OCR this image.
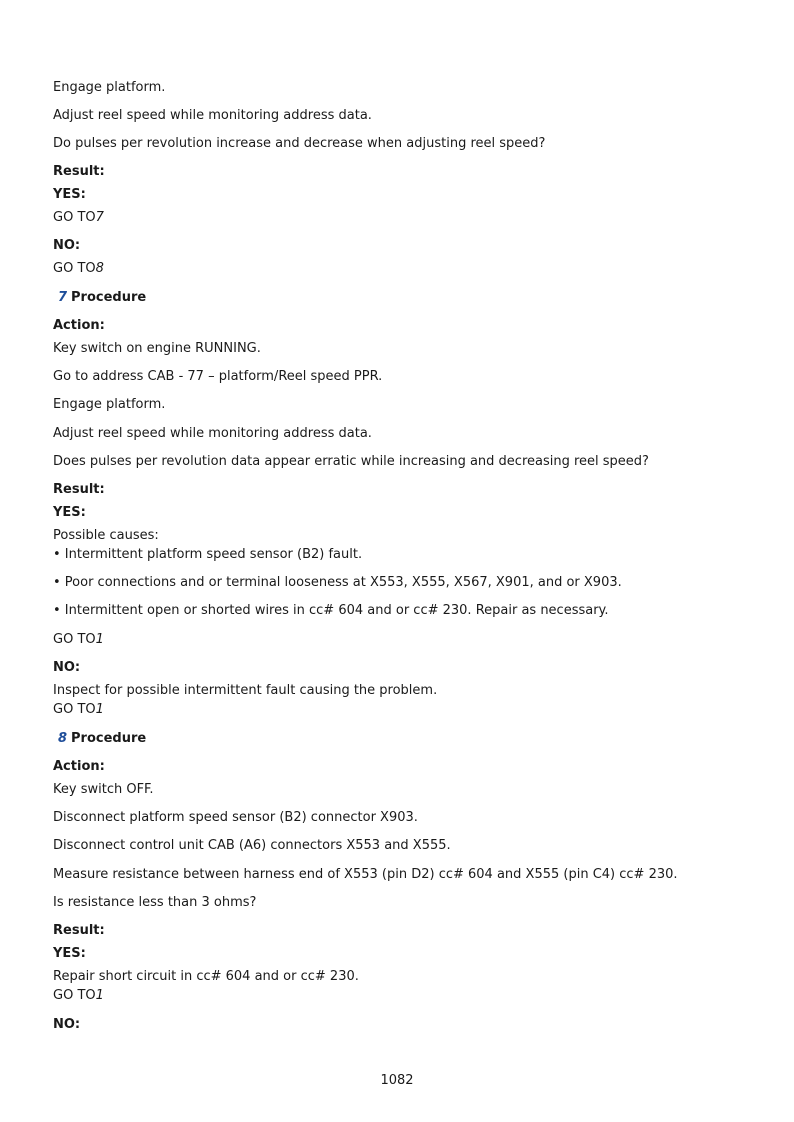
Engage platform.
Adjust reel speed while monitoring address data.
Do pulses per revolution increase and decrease when adjusting reel speed?
Result:
YES:
GO TO7
NO:
GO TO8
7 Procedure
Action:
Key switch on engine RUNNING.
Go to address CAB - 77 – platform/Reel speed PPR.
Engage platform.
Adjust reel speed while monitoring address data.
Does pulses per revolution data appear erratic while increasing and decreasing reel speed?
Result:
YES:
Possible causes:
• Intermittent platform speed sensor (B2) fault.
• Poor connections and or terminal looseness at X553, X555, X567, X901, and or X903.
• Intermittent open or shorted wires in cc# 604 and or cc# 230. Repair as necessary.
GO TO1
NO:
Inspect for possible intermittent fault causing the problem.
GO TO1
8 Procedure
Action:
Key switch OFF.
Disconnect platform speed sensor (B2) connector X903.
Disconnect control unit CAB (A6) connectors X553 and X555.
Measure resistance between harness end of X553 (pin D2) cc# 604 and X555 (pin C4) cc# 230.
Is resistance less than 3 ohms?
Result:
YES:
Repair short circuit in cc# 604 and or cc# 230.
GO TO1
NO:
1082
